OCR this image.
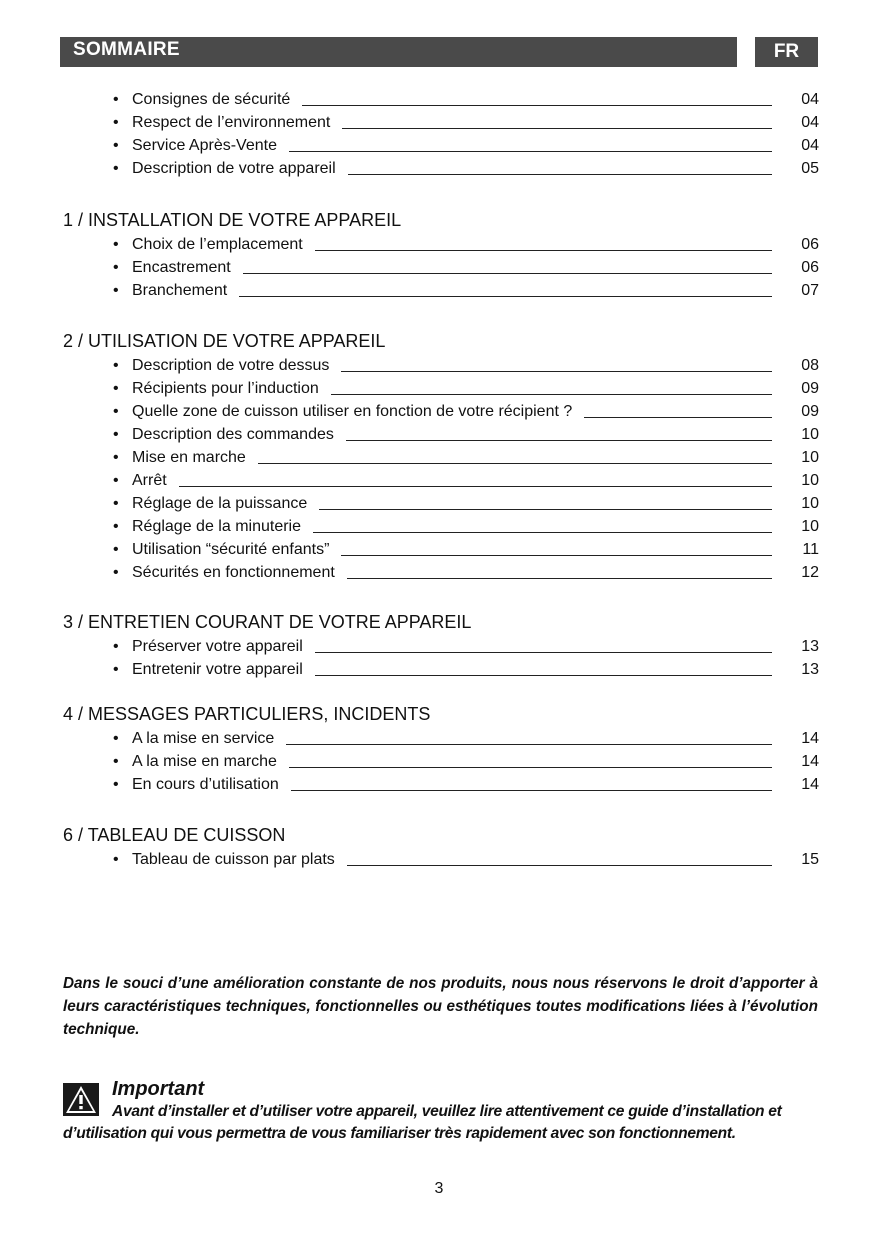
SOMMAIRE	FR
• Consignes de sécurité	04
• Respect de l’environnement	04
• Service Après-Vente	04
• Description de votre appareil	05
1 / INSTALLATION DE VOTRE APPAREIL
• Choix de l’emplacement	06
• Encastrement	06
• Branchement	07
2 / UTILISATION DE VOTRE APPAREIL
• Description de votre dessus	08
• Récipients pour l’induction	09
• Quelle zone de cuisson utiliser en fonction de votre récipient ?	09
• Description des commandes	10
• Mise en marche	10
• Arrêt	10
• Réglage de la puissance	10
• Réglage de la minuterie	10
• Utilisation “sécurité enfants”	11
• Sécurités en fonctionnement	12
3 / ENTRETIEN COURANT DE VOTRE APPAREIL
• Préserver votre appareil	13
• Entretenir votre appareil	13
4 / MESSAGES PARTICULIERS, INCIDENTS
• A la mise en service	14
• A la mise en marche	14
• En cours d’utilisation	14
6 / TABLEAU DE CUISSON
• Tableau de cuisson par plats	15

Dans le souci d’une amélioration constante de nos produits, nous nous réservons le droit d’apporter à leurs caractéristiques techniques, fonctionnelles ou esthétiques toutes modifications liées à l’évolution technique.

Important

Avant d’installer et d’utiliser votre appareil, veuillez lire attentivement ce guide d’installation et d’utilisation qui vous permettra de vous familiariser très rapidement avec son fonctionnement.

3
